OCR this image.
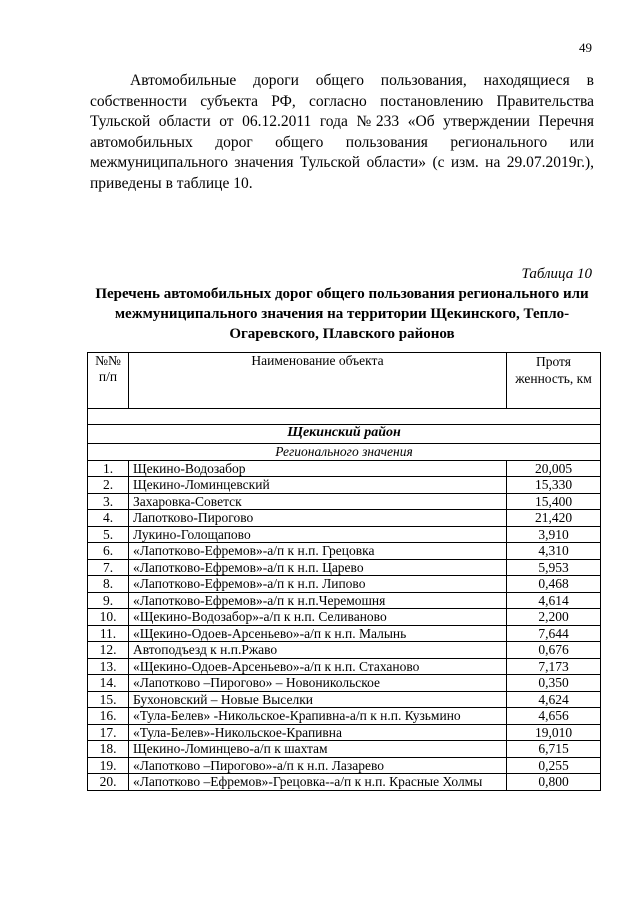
49

Автомобильные дороги общего пользования, находящиеся в собственности субъекта РФ, согласно постановлению Правительства Тульской области от 06.12.2011 года №233 «Об утверждении Перечня автомобильных дорог общего пользования регионального или межмуниципального значения Тульской области» (с изм. на 29.07.2019г.), приведены в таблице 10.

Таблица 10

Перечень автомобильных дорог общего пользования регионального или межмуниципального значения на территории Щекинского, Тепло-Огаревского, Плавского районов

№№ п/п	Наименование объекта	Протя женность, км

Щекинский район		
Регионального значения		
1.	Щекино-Водозабор	20,005
2.	Щекино-Ломинцевский	15,330
3.	Захаровка-Советск	15,400
4.	Лапотково-Пирогово	21,420
5.	Лукино-Голощапово	3,910
6.	«Лапотково-Ефремов»-а/п к н.п. Грецовка	4,310
7.	«Лапотково-Ефремов»-а/п к н.п. Царево	5,953
8.	«Лапотково-Ефремов»-а/п к н.п. Липово	0,468
9.	«Лапотково-Ефремов»-а/п к н.п.Черемошня	4,614
10.	«Щекино-Водозабор»-а/п к н.п. Селиваново	2,200
11.	«Щекино-Одоев-Арсеньево»-а/п к н.п. Малынь	7,644
12.	Автоподъезд к н.п.Ржаво	0,676
13.	«Щекино-Одоев-Арсеньево»-а/п к н.п. Стаханово	7,173
14.	«Лапотково –Пирогово» – Новоникольское	0,350
15.	Бухоновский – Новые Выселки	4,624
16.	«Тула-Белев» -Никольское-Крапивна-а/п к н.п. Кузьмино	4,656
17.	«Тула-Белев»-Никольское-Крапивна	19,010
18.	Щекино-Ломинцево-а/п к шахтам	6,715
19.	«Лапотково –Пирогово»-а/п к н.п. Лазарево	0,255
20.	«Лапотково –Ефремов»-Грецовка--а/п к н.п. Красные Холмы	0,800
